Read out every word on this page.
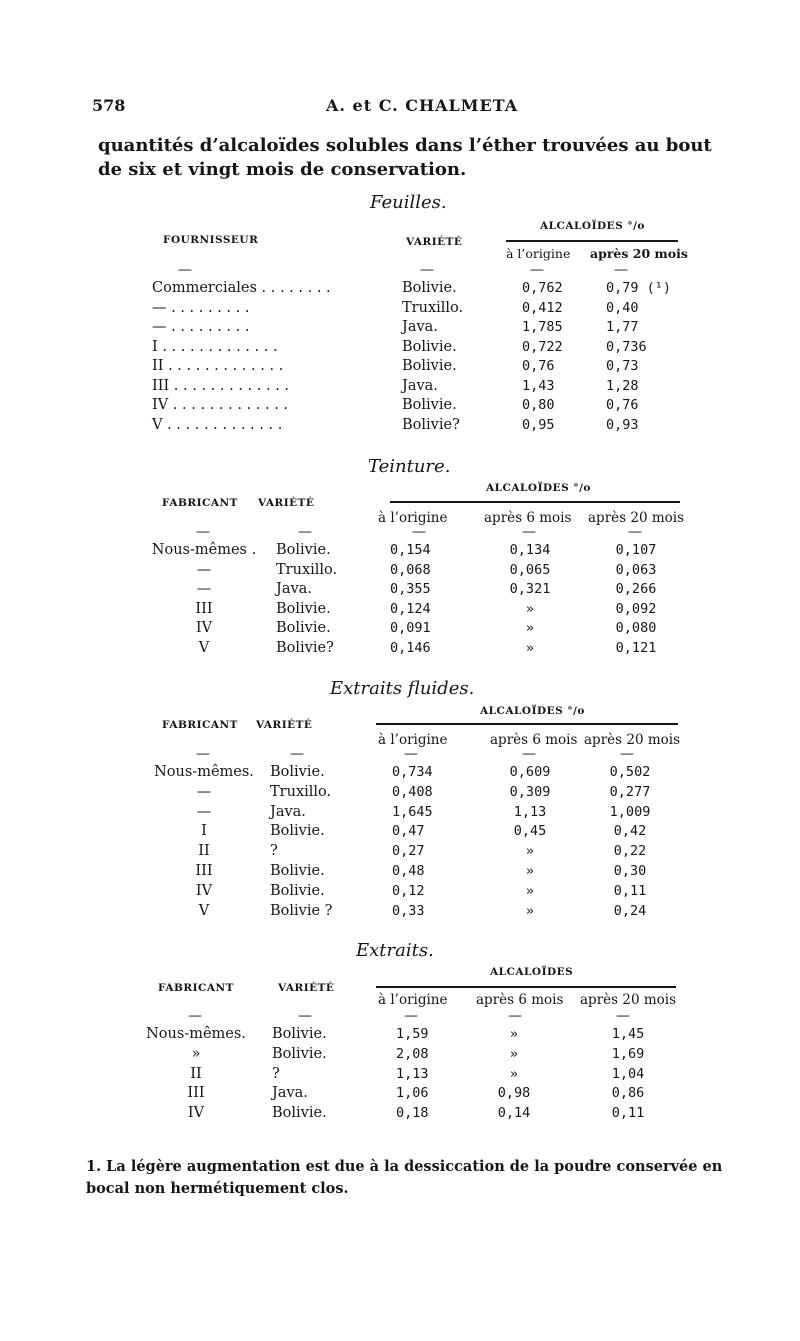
578	A. et C. CHALMETA
quantités d’alcaloïdes solubles dans l’éther trouvées au bout de six et vingt mois de conservation.
Feuilles.
FOURNISSEUR	VARIÉTÉ
ALCALOÏDES °/o
à l’origine après 20 mois
—	—	—	—
Commerciales . . . . . . . .	Bolivie.	0,762	0,79 (¹)
— . . . . . . . . .	Truxillo.	0,412	0,40
— . . . . . . . . .	Java.	1,785	1,77
I . . . . . . . . . . . . .	Bolivie.	0,722	0,736
II . . . . . . . . . . . . .	Bolivie.	0,76	0,73
III . . . . . . . . . . . . .	Java.	1,43	1,28
IV . . . . . . . . . . . . .	Bolivie.	0,80	0,76
V . . . . . . . . . . . . .	Bolivie?	0,95	0,93
Teinture.
FABRICANT VARIÉTÉ
ALCALOÏDES °/o
à l’origine	après 6 mois après 20 mois
—	—	—	—	—
Nous-mêmes . Bolivie.	0,154	0,134	0,107
—	Truxillo.	0,068	0,065	0,063
—	Java.	0,355	0,321	0,266
III	Bolivie.	0,124	»	0,092
IV	Bolivie.	0,091	»	0,080
V	Bolivie?	0,146	»	0,121
Extraits fluides.
FABRICANT VARIÉTÉ
ALCALOÏDES °/o
à l’origine	après 6 mois après 20 mois
—	—	—	—	—
Nous-mêmes. Bolivie.	0,734	0,609	0,502
—	Truxillo.	0,408	0,309	0,277
—	Java.	1,645	1,13	1,009
I	Bolivie.	0,47	0,45	0,42
II	?	0,27	»	0,22
III	Bolivie.	0,48	»	0,30
IV	Bolivie.	0,12	»	0,11
V	Bolivie ?	0,33	»	0,24
Extraits.
FABRICANT	VARIÉTÉ
ALCALOÏDES
à l’origine après 6 mois après 20 mois
—	—	—	—	—
Nous-mêmes. Bolivie.	1,59	»	1,45
»	Bolivie.	2,08	»	1,69
II	?	1,13	»	1,04
III	Java.	1,06	0,98	0,86
IV	Bolivie.	0,18	0,14	0,11
1. La légère augmentation est due à la dessiccation de la poudre conservée en bocal non hermétiquement clos.
